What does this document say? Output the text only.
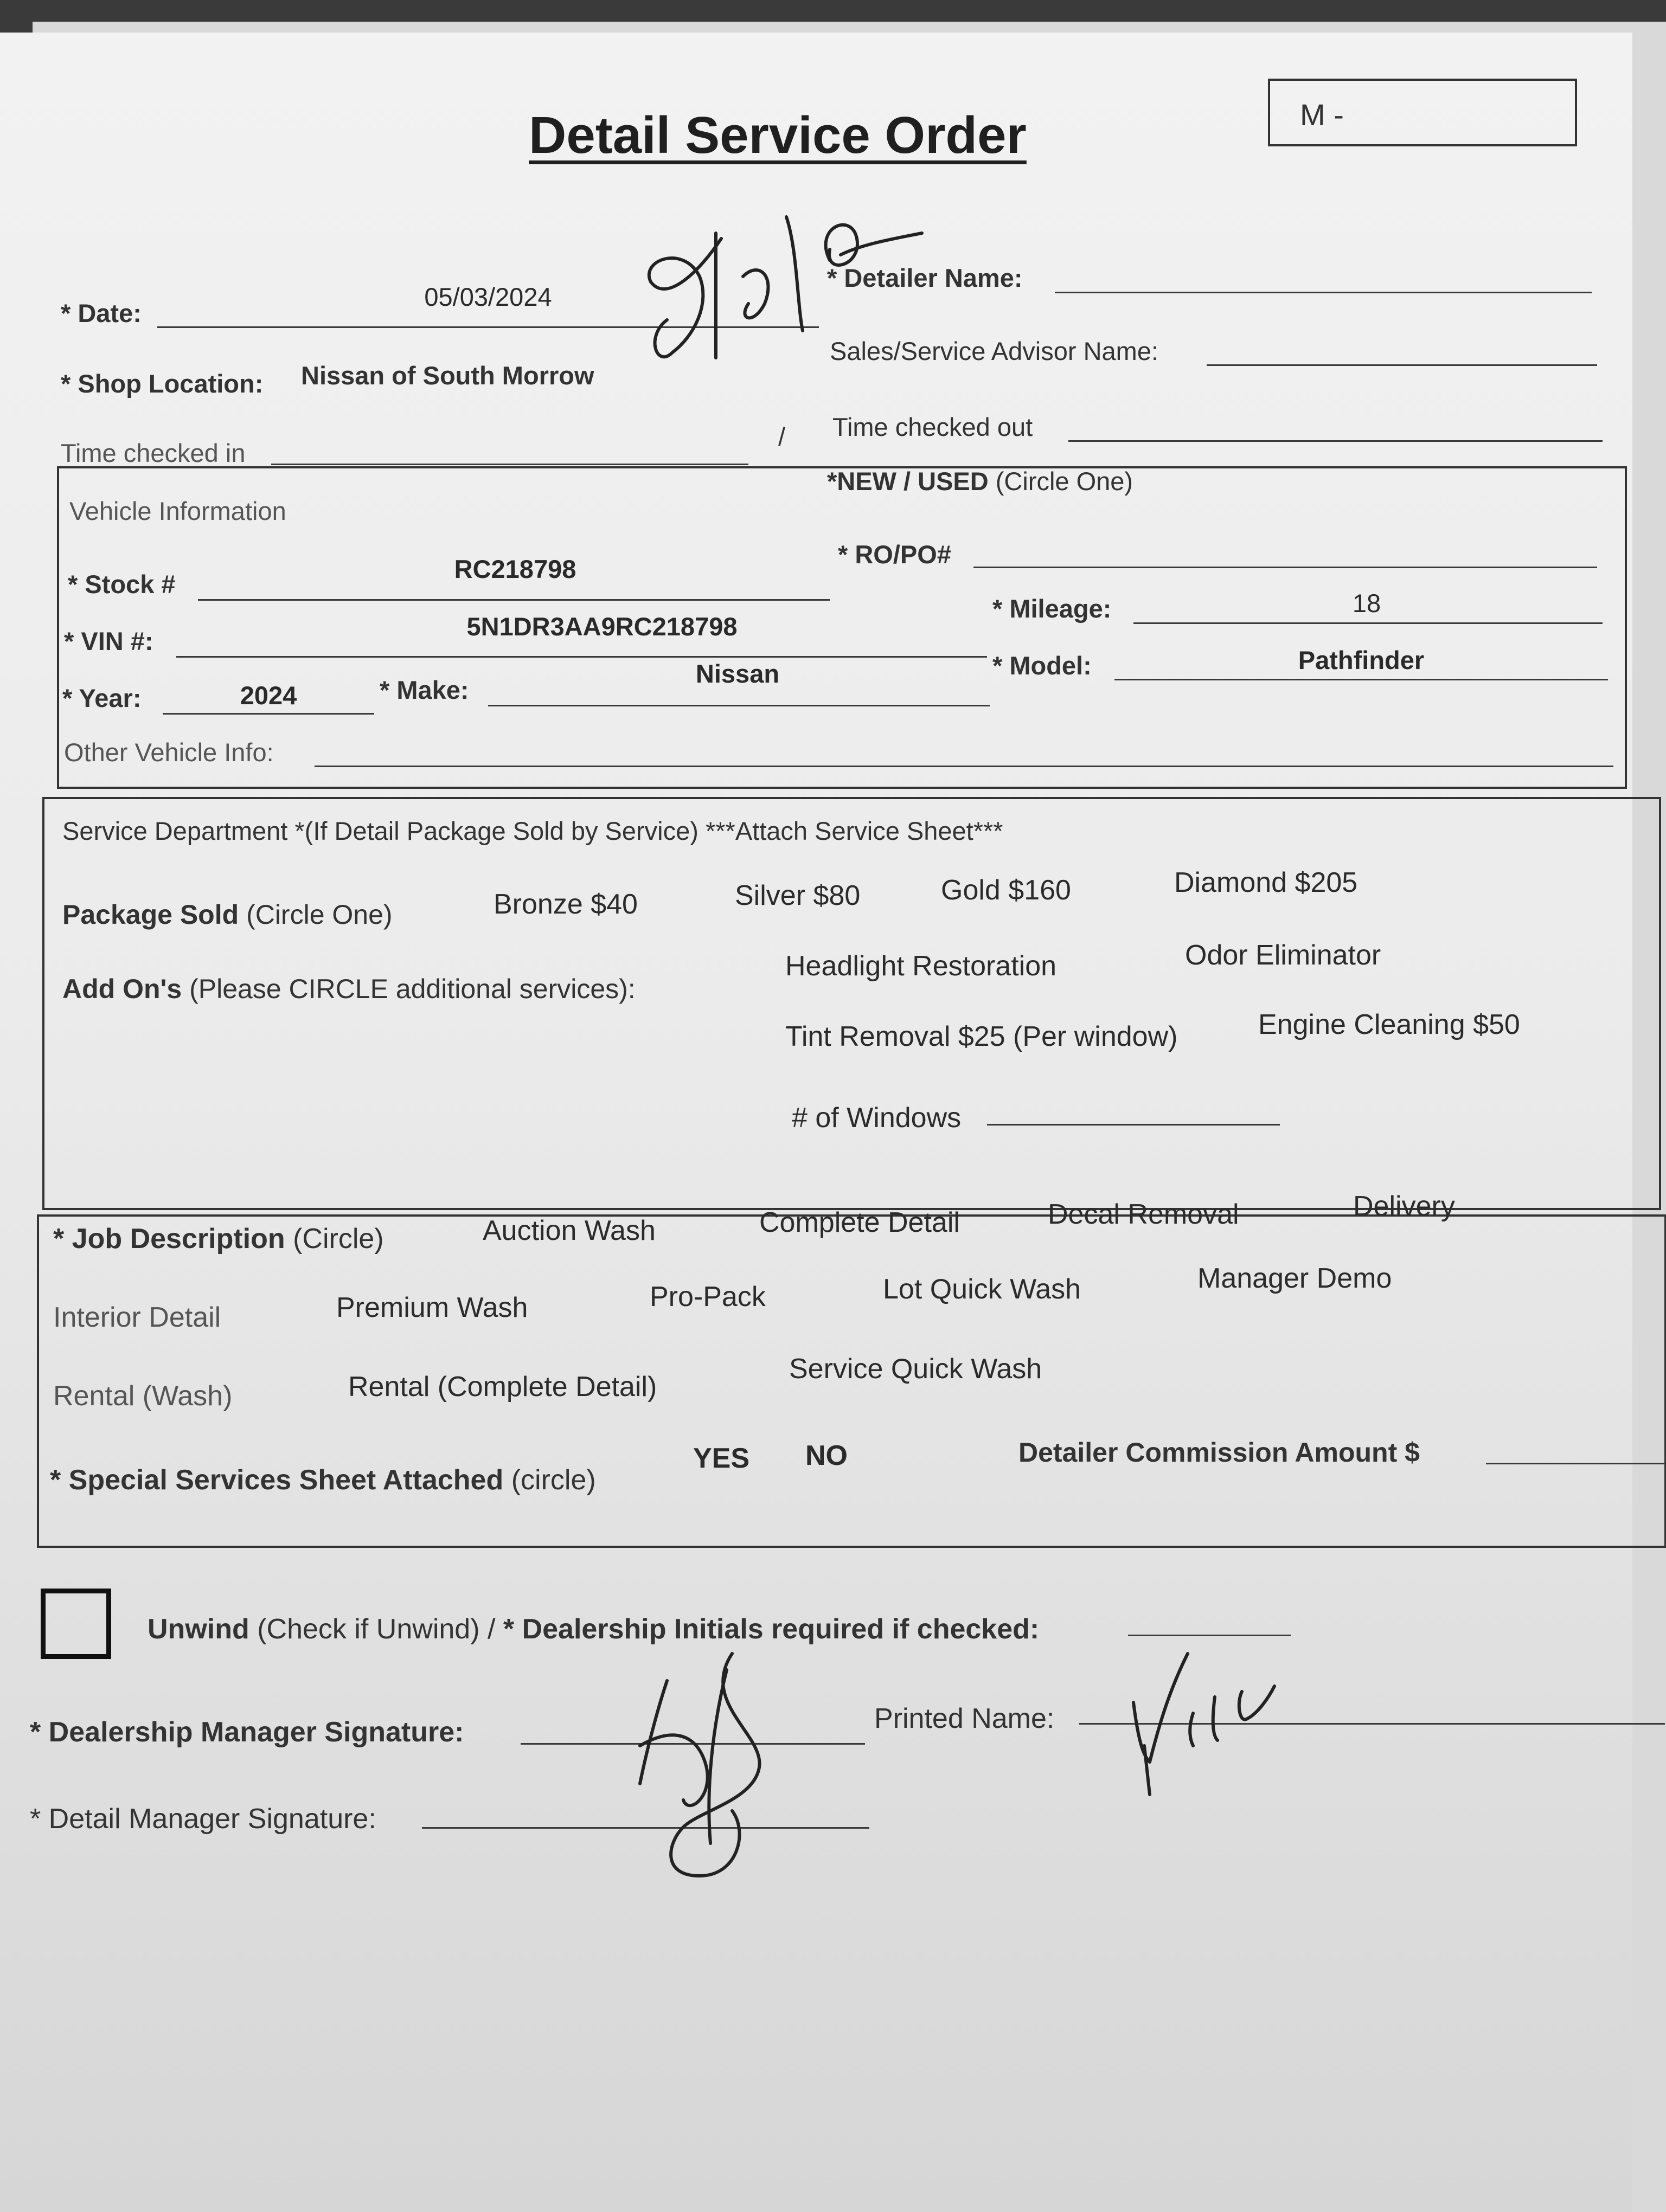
Detail Service Order	M -
* Date:
05/03/2024
* Detailer Name:
* Shop Location: Nissan of South Morrow
Sales/Service Advisor Name:
Time checked in
/ Time checked out
Vehicle Information
*NEW / USED (Circle One)
* Stock #
RC218798
* RO/PO#
* VIN #:
5N1DR3AA9RC218798
* Mileage:	18
* Year:	2024	* Make:
Nissan	* Model:	Pathfinder
Other Vehicle Info:
Service Department *(If Detail Package Sold by Service) ***Attach Service Sheet***
Package Sold (Circle One)	Bronze $40	Silver $80	Gold $160	Diamond $205
Add On's (Please CIRCLE additional services):
Headlight Restoration	Odor Eliminator
Tint Removal $25 (Per window)	Engine Cleaning $50
# of Windows
* Job Description (Circle)	Auction Wash	Complete Detail	Decal Removal	Delivery
Interior Detail	Premium Wash	Pro-Pack	Lot Quick Wash	Manager Demo
Rental (Wash)	Rental (Complete Detail)
Service Quick Wash
* Special Services Sheet Attached (circle)
YES NO	Detailer Commission Amount $
Unwind (Check if Unwind) / * Dealership Initials required if checked:
* Dealership Manager Signature:	Printed Name:
* Detail Manager Signature:
